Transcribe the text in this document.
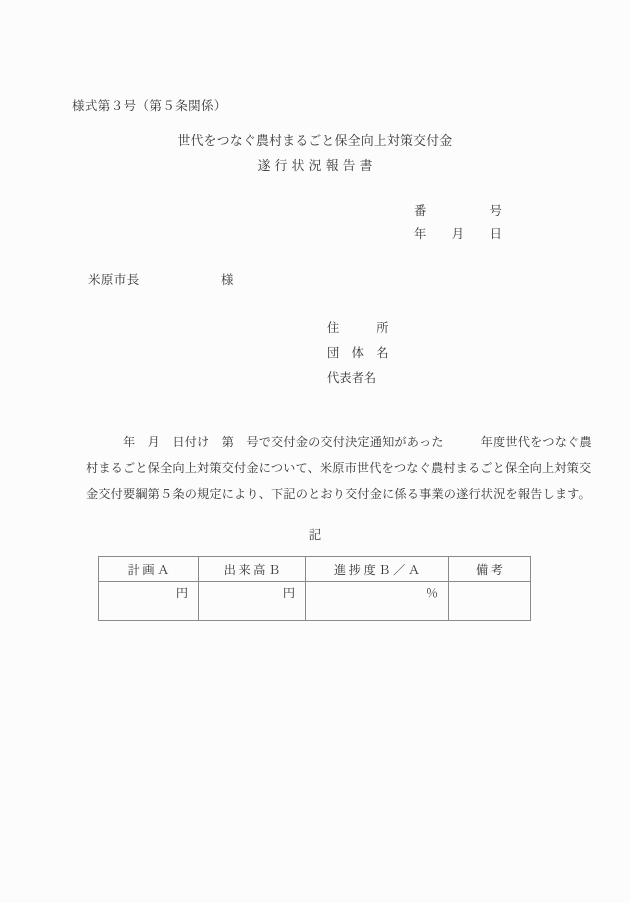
様式第３号（第５条関係）
世代をつなぐ農村まるごと保全向上対策交付金
遂行状況報告書
番　　　　　号
年　　月　　日
米原市長	様
住　　　所
団　体　名
代表者名
　　　年　月　日付け　第　号で交付金の交付決定通知があった　　　年度世代をつなぐ農
村まるごと保全向上対策交付金について、米原市世代をつなぐ農村まるごと保全向上対策交
金交付要綱第５条の規定により、下記のとおり交付金に係る事業の遂行状況を報告します。
記
計画Ａ	出来高Ｂ	進捗度Ｂ／Ａ	備考
円	円	％	
